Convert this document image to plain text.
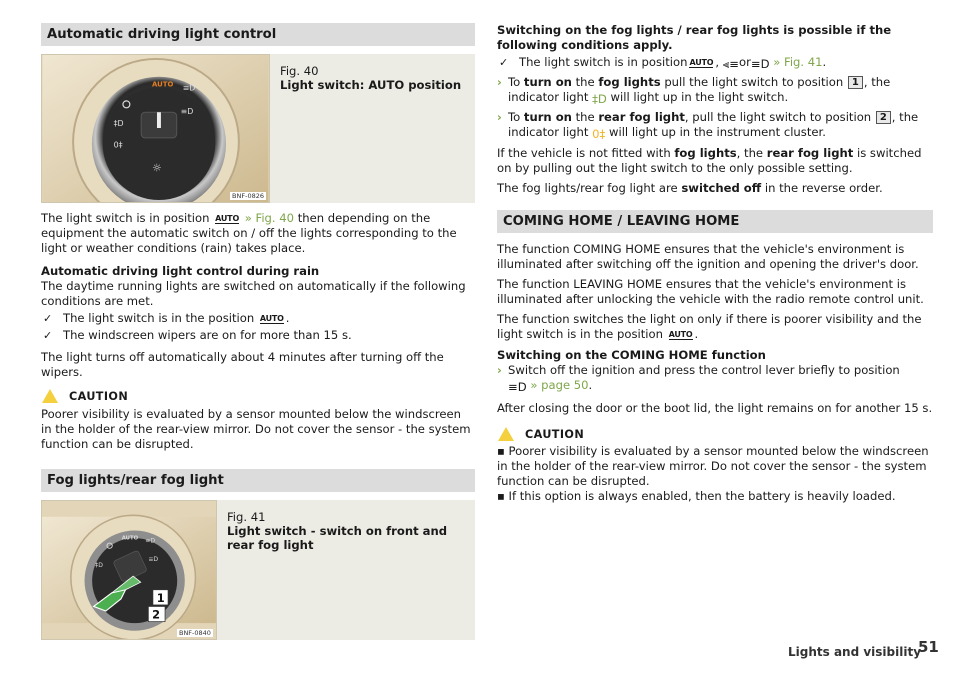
Automatic driving light control
AUTO ≡D
≡D
‡D
0‡
☼
BNF-0826
Fig. 40
Light switch: AUTO position

The light switch is in position AUTO » Fig. 40 then depending on the equipment the automatic switch on / off the lights corresponding to the light or weather conditions (rain) takes place.

Automatic driving light control during rain

The daytime running lights are switched on automatically if the following conditions are met.

✓ The light switch is in the position AUTO .
✓ The windscreen wipers are on for more than 15 s.

The light turns off automatically about 4 minutes after turning off the wipers.

CAUTION

Poorer visibility is evaluated by a sensor mounted below the windscreen in the holder of the rear-view mirror. Do not cover the sensor - the system function can be disrupted.

Fog lights/rear fog light
AUTO ≡D
‡D
≡D
1
2
BNF-0840
Fig. 41
Light switch - switch on front and rear fog light

Switching on the fog lights / rear fog lights is possible if the following conditions apply.

✓ The light switch is in position AUTO , ⫷≡or≡D » Fig. 41.
› To turn on the fog lights pull the light switch to position 1 , the indicator light ‡D will light up in the light switch.
› To turn on the rear fog light, pull the light switch to position 2 , the indicator light 0‡ will light up in the instrument cluster.

If the vehicle is not fitted with fog lights, the rear fog light is switched on by pulling out the light switch to the only possible setting.

The fog lights/rear fog light are switched off in the reverse order.

COMING HOME / LEAVING HOME

The function COMING HOME ensures that the vehicle's environment is illuminated after switching off the ignition and opening the driver's door.

The function LEAVING HOME ensures that the vehicle's environment is illuminated after unlocking the vehicle with the radio remote control unit.

The function switches the light on only if there is poorer visibility and the light switch is in the position AUTO .

Switching on the COMING HOME function

› Switch off the ignition and press the control lever briefly to position
≡D » page 50.

After closing the door or the boot lid, the light remains on for another 15 s.

CAUTION

▪ Poorer visibility is evaluated by a sensor mounted below the windscreen in the holder of the rear-view mirror. Do not cover the sensor - the system function can be disrupted.

▪ If this option is always enabled, then the battery is heavily loaded.

Lights and visibility
51
